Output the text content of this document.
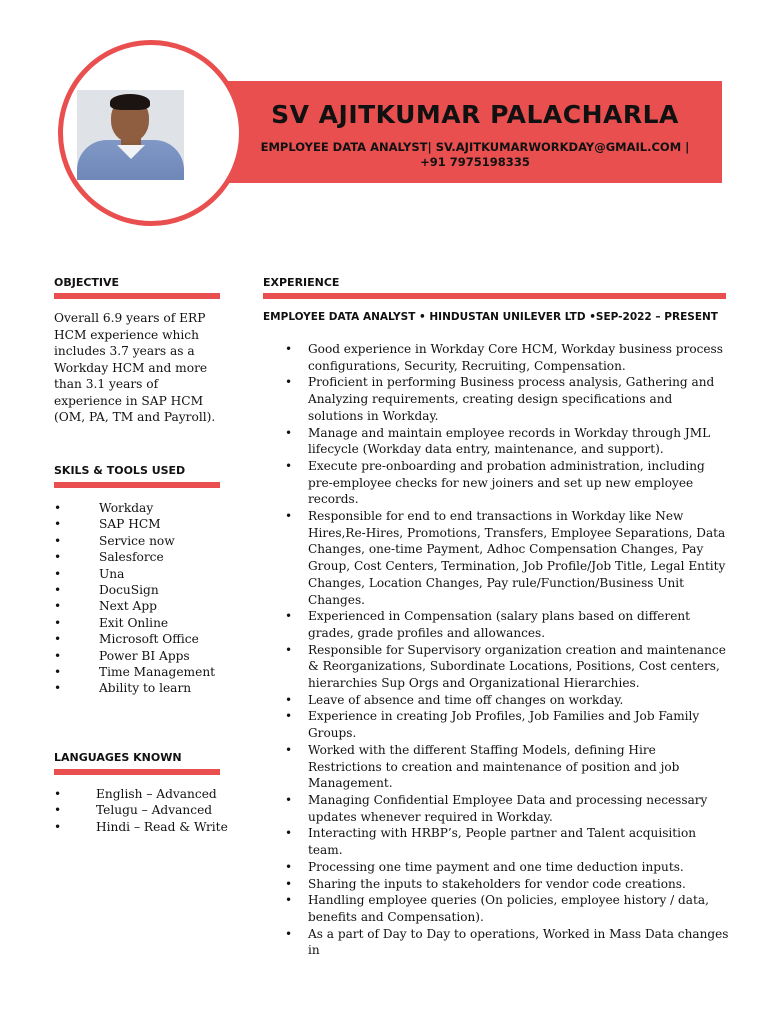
SV AJITKUMAR PALACHARLA
EMPLOYEE DATA ANALYST| SV.AJITKUMARWORKDAY@GMAIL.COM |
+91 7975198335
OBJECTIVE
Overall 6.9 years of ERP HCM experience which includes 3.7 years as a Workday HCM and more than 3.1 years of experience in SAP HCM (OM, PA, TM and Payroll).
SKILS & TOOLS USED
•	Workday
•	SAP HCM
•	Service now
•	Salesforce
•	Una
•	DocuSign
•	Next App
•	Exit Online
•	Microsoft Office
•	Power BI Apps
•	Time Management
•	Ability to learn
LANGUAGES KNOWN
•	English – Advanced
•	Telugu – Advanced
•	Hindi – Read & Write
EXPERIENCE
EMPLOYEE DATA ANALYST • HINDUSTAN UNILEVER LTD •SEP-2022 – PRESENT
• Good experience in Workday Core HCM, Workday business process configurations, Security, Recruiting, Compensation.
• Proficient in performing Business process analysis, Gathering and Analyzing requirements, creating design specifications and solutions in Workday.
• Manage and maintain employee records in Workday through JML lifecycle (Workday data entry, maintenance, and support).
• Execute pre-onboarding and probation administration, including pre-employee checks for new joiners and set up new employee records.
• Responsible for end to end transactions in Workday like New Hires,Re-Hires, Promotions, Transfers, Employee Separations, Data Changes, one-time Payment, Adhoc Compensation Changes, Pay Group, Cost Centers, Termination, Job Profile/Job Title, Legal Entity Changes, Location Changes, Pay rule/Function/Business Unit Changes.
• Experienced in Compensation (salary plans based on different grades, grade profiles and allowances.
• Responsible for Supervisory organization creation and maintenance & Reorganizations, Subordinate Locations, Positions, Cost centers, hierarchies Sup Orgs and Organizational Hierarchies.
• Leave of absence and time off changes on workday.
• Experience in creating Job Profiles, Job Families and Job Family Groups.
• Worked with the different Staffing Models, defining Hire Restrictions to creation and maintenance of position and job Management.
• Managing Confidential Employee Data and processing necessary updates whenever required in Workday.
• Interacting with HRBP’s, People partner and Talent acquisition team.
• Processing one time payment and one time deduction inputs.
• Sharing the inputs to stakeholders for vendor code creations.
• Handling employee queries (On policies, employee history / data, benefits and Compensation).
• As a part of Day to Day to operations, Worked in Mass Data changes in
